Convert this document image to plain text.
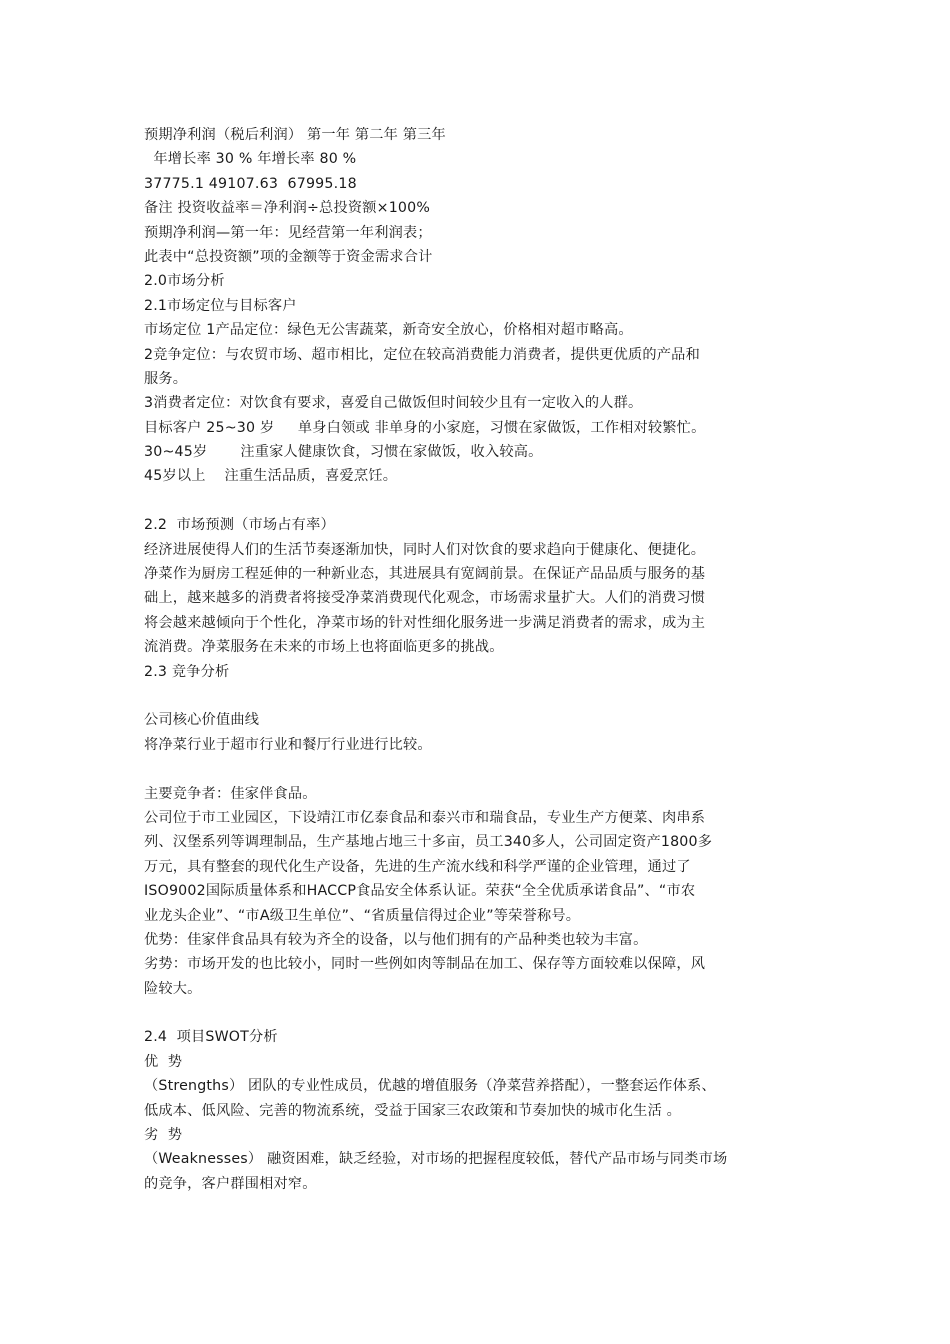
预期净利润（税后利润） 第一年 第二年 第三年
年增长率 30 % 年增长率 80 %
37775.1 49107.63  67995.18
备注 投资收益率＝净利润÷总投资额×100%
预期净利润—第一年：见经营第一年利润表；
此表中“总投资额”项的金额等于资金需求合计
2.0市场分析
2.1市场定位与目标客户
市场定位 1产品定位：绿色无公害蔬菜，新奇安全放心，价格相对超市略高。
2竞争定位：与农贸市场、超市相比，定位在较高消费能力消费者，提供更优质的产品和
服务。
3消费者定位：对饮食有要求，喜爱自己做饭但时间较少且有一定收入的人群。
目标客户 25~30 岁     单身白领或 非单身的小家庭，习惯在家做饭，工作相对较繁忙。
30~45岁       注重家人健康饮食，习惯在家做饭，收入较高。
45岁以上    注重生活品质，喜爱烹饪。
2.2  市场预测（市场占有率）
经济进展使得人们的生活节奏逐渐加快，同时人们对饮食的要求趋向于健康化、便捷化。
净菜作为厨房工程延伸的一种新业态，其进展具有宽阔前景。在保证产品品质与服务的基
础上，越来越多的消费者将接受净菜消费现代化观念，市场需求量扩大。人们的消费习惯
将会越来越倾向于个性化，净菜市场的针对性细化服务进一步满足消费者的需求，成为主
流消费。净菜服务在未来的市场上也将面临更多的挑战。
2.3 竞争分析
公司核心价值曲线
将净菜行业于超市行业和餐厅行业进行比较。
主要竞争者：佳家伴食品。
公司位于市工业园区，下设靖江市亿泰食品和泰兴市和瑞食品，专业生产方便菜、肉串系
列、汉堡系列等调理制品，生产基地占地三十多亩，员工340多人，公司固定资产1800多
万元，具有整套的现代化生产设备，先进的生产流水线和科学严谨的企业管理，通过了
ISO9002国际质量体系和HACCP食品安全体系认证。荣获“全全优质承诺食品”、“市农
业龙头企业”、“市A级卫生单位”、“省质量信得过企业”等荣誉称号。
优势：佳家伴食品具有较为齐全的设备，以与他们拥有的产品种类也较为丰富。
劣势：市场开发的也比较小，同时一些例如肉等制品在加工、保存等方面较难以保障，风
险较大。
2.4  项目SWOT分析
优  势
（Strengths） 团队的专业性成员，优越的增值服务（净菜营养搭配），一整套运作体系、
低成本、低风险、完善的物流系统，受益于国家三农政策和节奏加快的城市化生活 。
劣  势
（Weaknesses） 融资困难，缺乏经验，对市场的把握程度较低，替代产品市场与同类市场
的竞争，客户群围相对窄。
